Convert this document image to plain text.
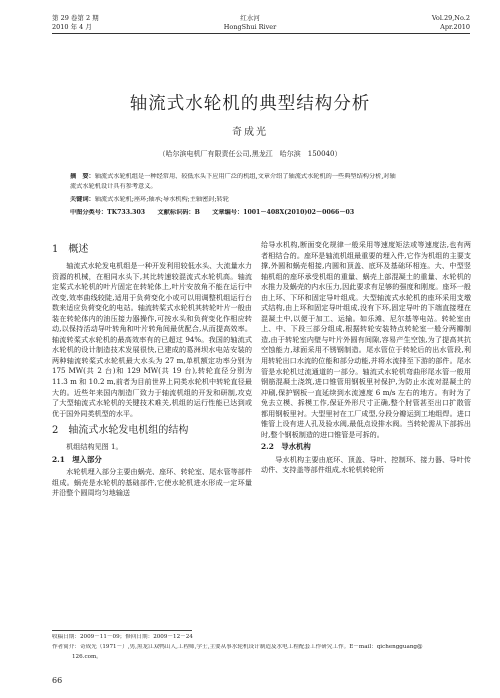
第 29 卷第 2 期
2010 年 4 月
红水河
HongShui River
Vol.29,No.2
Apr.2010
轴流式水轮机的典型结构分析
奇成光
（哈尔滨电机厂有限责任公司,黑龙江　哈尔滨　150040）
摘　要：轴流式水轮机组是一种经常用、较低水头下应用广泛的机组,文章介绍了轴流式水轮机的一些典型结构分析,对轴
流式水轮机设计具有参考意义。
关键词：轴流式水轮机;座环;轴承;导水机构;主轴密封;转轮
中图分类号：TK733.303　　文献标识码：B　　文章编号：1001－408X(2010)02－0066－03
1　概述

轴流式水轮发电机组是一种开发利用较低水头、大流量水力资源的机械，在相同水头下,其比转速较混流式水轮机高。轴流定桨式水轮机的叶片固定在转轮体上,叶片安放角不能在运行中改变,效率曲线较陡,适用于负荷变化小或可以用调整机组运行台数来适应负荷变化的电站。轴流转桨式水轮机其转轮叶片一般由装在转轮体内的油压接力器操作,可按水头和负荷变化作相应转动,以保持活动导叶转角和叶片转角间最优配合,从而提高效率。轴流转桨式水轮机的最高效率有的已超过 94%。我国的轴流式水轮机的设计制造技术发展很快,已建成的葛洲坝水电站安装的两种轴流转桨式水轮机最大水头为 27 m,单机额定功率分别为 175 MW(共 2 台)和 129 MW(共 19 台),转轮直径分别为 11.3 m 和 10.2 m,前者为目前世界上同类水轮机中转轮直径最大的。近些年来国内制造厂致力于轴流机组的开发和研制,攻克了大型轴流式水轮机的关键技术难关,机组的运行性能已达到或优于国外同类机型的水平。

2　轴流式水轮发电机组的结构

机组结构见图 1。

2.1　埋入部分

水轮机埋入部分主要由蜗壳、座环、转轮室、尾水管等部件组成。蜗壳是水轮机的基础部件,它使水轮机进水形成一定环量并沿整个圆周均匀地输送

给导水机构,断面变化规律一般采用等速度矩法或等速度法,也有两者相结合的。座环是轴流机组最重要的埋入件,它作为机组的主要支撑,外圆和蜗壳相接,内圆和顶盖、底环及基础环相连。大、中型竖轴机组的座环承受机组的重量、蜗壳上部混凝土的重量、水轮机的水推力及蜗壳的内水压力,因此要求有足够的强度和刚度。座环一般由上环、下环和固定导叶组成。大型轴流式水轮机的座环采用支墩式结构,由上环和固定导叶组成,没有下环,固定导叶的下端直接埋在混凝土中,以便于加工、运输。如乐滩、尼尔基等电站。转轮室由上、中、下段三部分组成,根据转轮安装特点转轮室一般分两瓣制造,由于转轮室内壁与叶片外圆有间隙,容易产生空蚀,为了提高其抗空蚀能力,球面采用不锈钢制造。尾水管位于转轮后的出水管段,利用转轮出口水流的位能和部分动能,并将水流排至下游的部件。尾水管是水轮机过流通道的一部分。轴流式水轮机弯曲形尾水管一般用钢筋混凝土浇筑,进口锥管用钢板里衬保护,为防止水流对混凝土的冲刷,保护钢板一直延续到水流速度 6 m/s 左右的地方。有时为了免去立模、拆模工作,保证外形尺寸正确,整个肘管甚至出口扩散管都用钢板里衬。大型里衬在工厂成型,分段分瓣运到工地组焊。进口锥管上设有进人孔及验水阀,最低点设排水阀。当转轮需从下部拆出时,整个钢板制造的进口锥管是可拆的。

2.2　导水机构

导水机构主要由底环、顶盖、导叶、控制环、接力器、导叶传动件、支持盖等部件组成,水轮机转轮所

收稿日期：2009－11－09；修回日期：2009－12－24
作者简介：奇成光（1971－）,男,黑龙江双鸭山人,工程师,学士,主要从事水轮机设计制造及水电工程配套工作研究工作。E－mail：qichengguang@
126.com。
66
